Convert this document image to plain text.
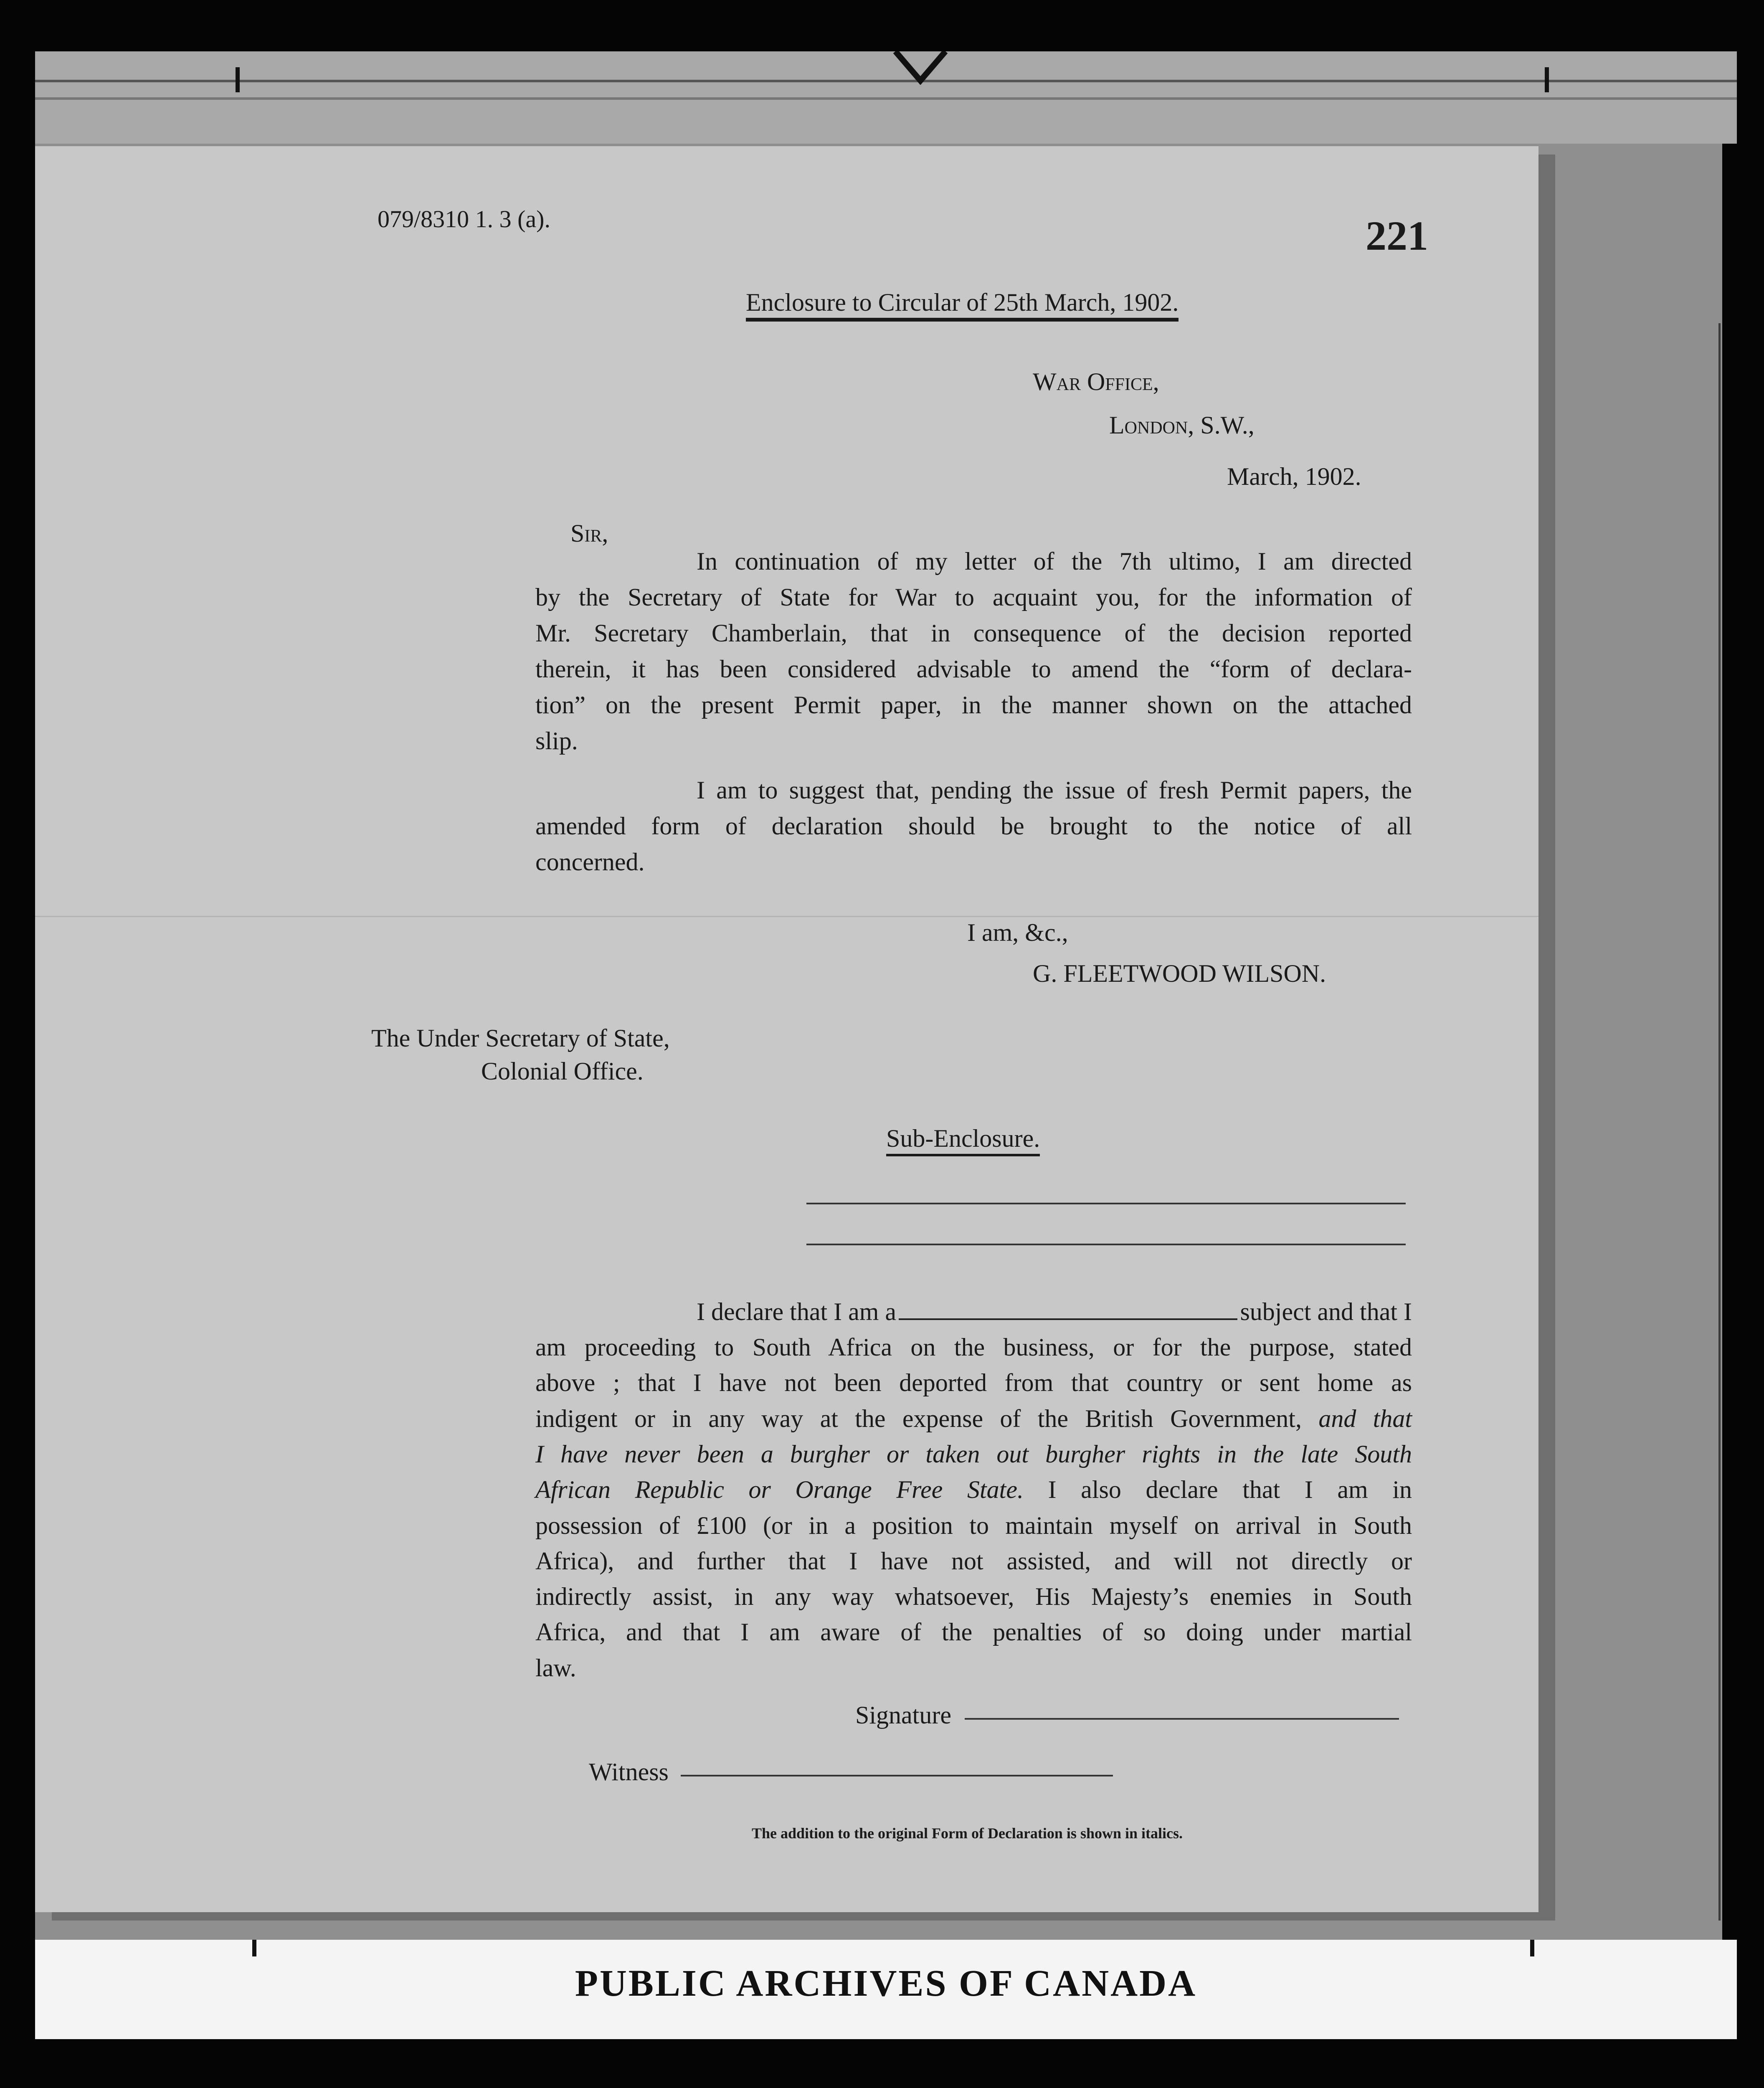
079/8310 1. 3 (a).	221
Enclosure to Circular of 25th March, 1902.
War Office,
London, S.W.,
March, 1902.
Sir,
In continuation of my letter of the 7th ultimo, I am directed
by the Secretary of State for War to acquaint you, for the information of
Mr. Secretary Chamberlain, that in consequence of the decision reported
therein, it has been considered advisable to amend the “form of declara-
tion” on the present Permit paper, in the manner shown on the attached
slip.
I am to suggest that, pending the issue of fresh Permit papers, the
amended form of declaration should be brought to the notice of all
concerned.
I am, &c.,
G. FLEETWOOD WILSON.
The Under Secretary of State,
Colonial Office.
Sub-Enclosure.
I declare that I am a	subject and that I
am proceeding to South Africa on the business, or for the purpose, stated
above ; that I have not been deported from that country or sent home as
indigent or in any way at the expense of the British Government, and that
I have never been a burgher or taken out burgher rights in the late South
African Republic or Orange Free State. I also declare that I am in
possession of £100 (or in a position to maintain myself on arrival in South
Africa), and further that I have not assisted, and will not directly or
indirectly assist, in any way whatsoever, His Majesty’s enemies in South
Africa, and that I am aware of the penalties of so doing under martial
law.
Signature
Witness
The addition to the original Form of Declaration is shown in italics.
PUBLIC ARCHIVES OF CANADA
